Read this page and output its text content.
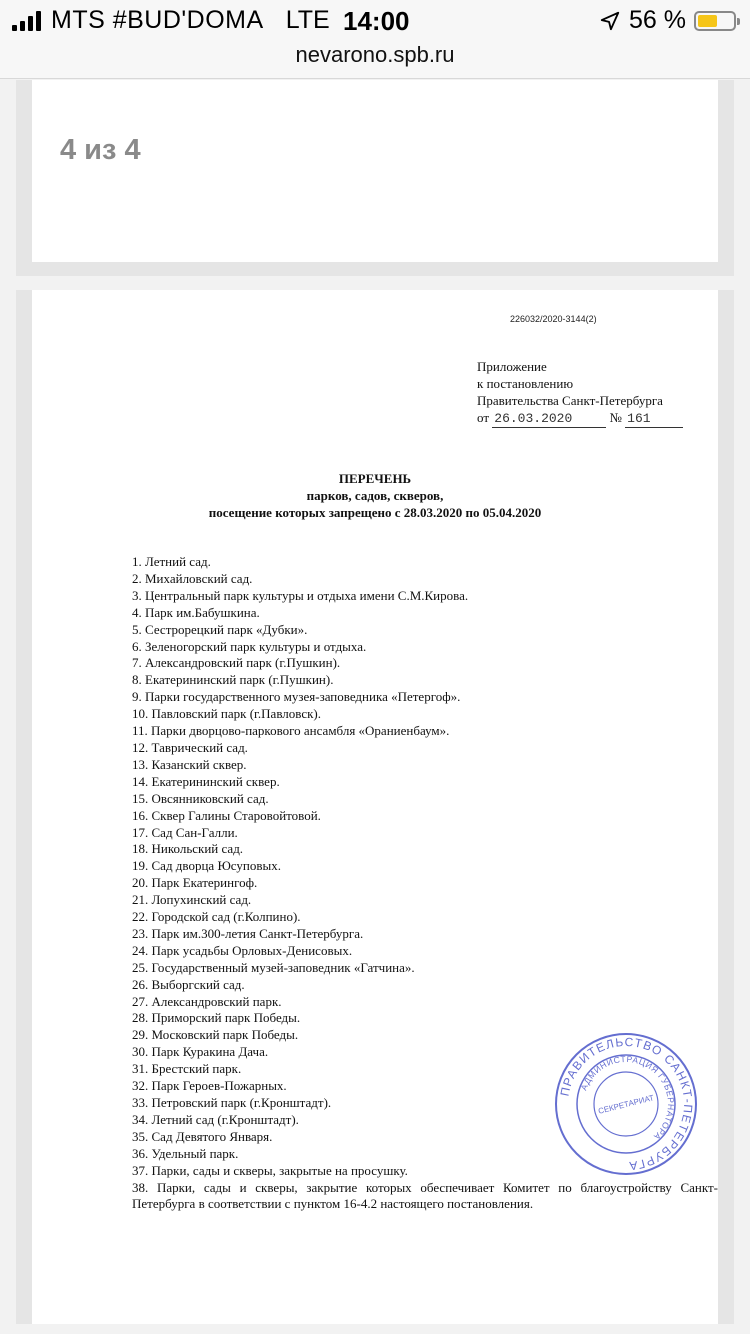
MTS #BUD'DOMA LTE 14:00	56 %
nevarono.spb.ru
4 из 4
226032/2020-3144(2)
Приложение
к постановлению
Правительства Санкт-Петербурга
от 26.03.2020	№ 161
ПЕРЕЧЕНЬ
парков, садов, скверов,
посещение которых запрещено с 28.03.2020 по 05.04.2020
1. Летний сад.
2. Михайловский сад.
3. Центральный парк культуры и отдыха имени С.М.Кирова.
4. Парк им.Бабушкина.
5. Сестрорецкий парк «Дубки».
6. Зеленогорский парк культуры и отдыха.
7. Александровский парк (г.Пушкин).
8. Екатерининский парк (г.Пушкин).
9. Парки государственного музея-заповедника «Петергоф».
10. Павловский парк (г.Павловск).
11. Парки дворцово-паркового ансамбля «Ораниенбаум».
12. Таврический сад.
13. Казанский сквер.
14. Екатерининский сквер.
15. Овсянниковский сад.
16. Сквер Галины Старовойтовой.
17. Сад Сан-Галли.
18. Никольский сад.
19. Сад дворца Юсуповых.
20. Парк Екатерингоф.
21. Лопухинский сад.
22. Городской сад (г.Колпино).
23. Парк им.300-летия Санкт-Петербурга.
24. Парк усадьбы Орловых-Денисовых.
25. Государственный музей-заповедник «Гатчина».
26. Выборгский сад.
27. Александровский парк.
28. Приморский парк Победы.
29. Московский парк Победы.
30. Парк Куракина Дача.
31. Брестский парк.
32. Парк Героев-Пожарных.
33. Петровский парк (г.Кронштадт).
34. Летний сад (г.Кронштадт).
35. Сад Девятого Января.
36. Удельный парк.
37. Парки, сады и скверы, закрытые на просушку.
38. Парки, сады и скверы, закрытие которых обеспечивает Комитет по благоустройству Санкт-Петербурга в соответствии с пунктом 16-4.2 настоящего постановления.
ПРАВИТЕЛЬСТВО САНКТ-ПЕТЕРБУРГА
АДМИНИСТРАЦИЯ ГУБЕРНАТОРА
СЕКРЕТАРИАТ
